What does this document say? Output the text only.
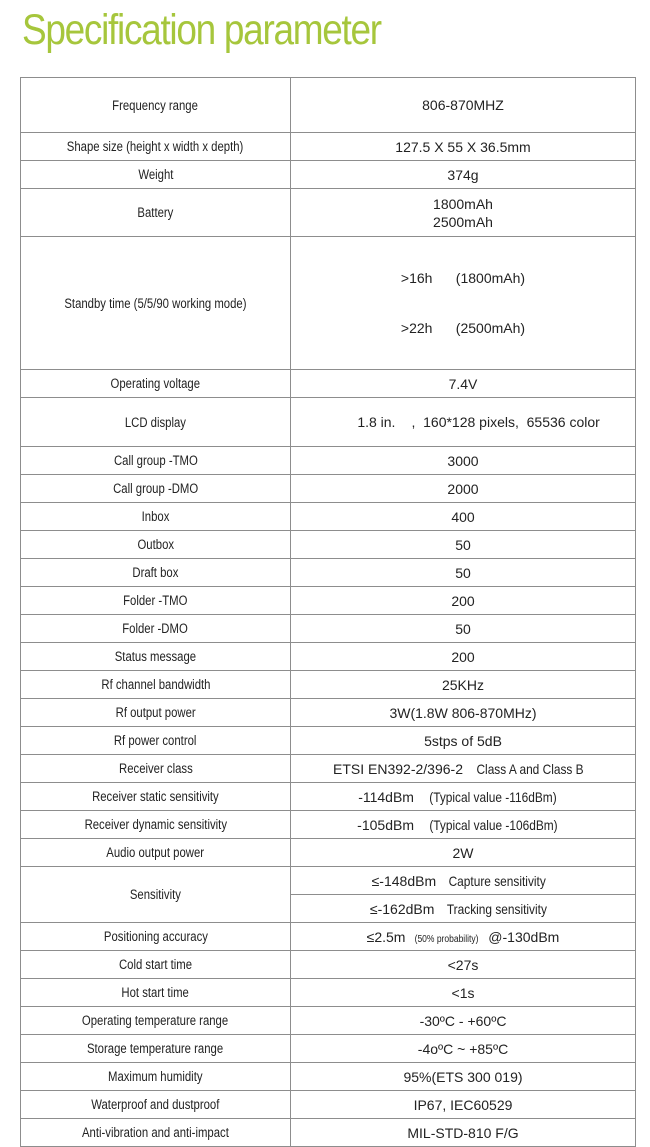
Specification parameter
Frequency range	806-870MHZ
Shape size (height x width x depth)	127.5 X 55 X 36.5mm
Weight	374g
Battery	1800mAh
2500mAh

Standby time (5/5/90 working mode)	>16h      (1800mAh)

>22h      (2500mAh)

Operating voltage	7.4V
LCD display	1.8 in. ,  160*128 pixels,  65536 color

Call group -TMO	3000
Call group -DMO	2000
Inbox	400
Outbox	50
Draft box	50
Folder -TMO	200
Folder -DMO	50
Status message	200
Rf channel bandwidth	25KHz
Rf output power	3W(1.8W 806-870MHz)
Rf power control	5stps of 5dB
Receiver class	ETSI EN392-2/396-2 Class A and Class B
Receiver static sensitivity	-114dBm (Typical value -116dBm)
Receiver dynamic sensitivity	-105dBm (Typical value -106dBm)
Audio output power	2W
Sensitivity	≤-148dBm Capture sensitivity
	≤-162dBm Tracking sensitivity
Positioning accuracy	≤2.5m (50% probability) @-130dBm
Cold start time	<27s
Hot start time	<1s
Operating temperature range	-30ºC - +60ºC
Storage temperature range	-4oºC ~ +85ºC
Maximum humidity	95%(ETS 300 019)
Waterproof and dustproof	IP67, IEC60529
Anti-vibration and anti-impact	MIL-STD-810 F/G
